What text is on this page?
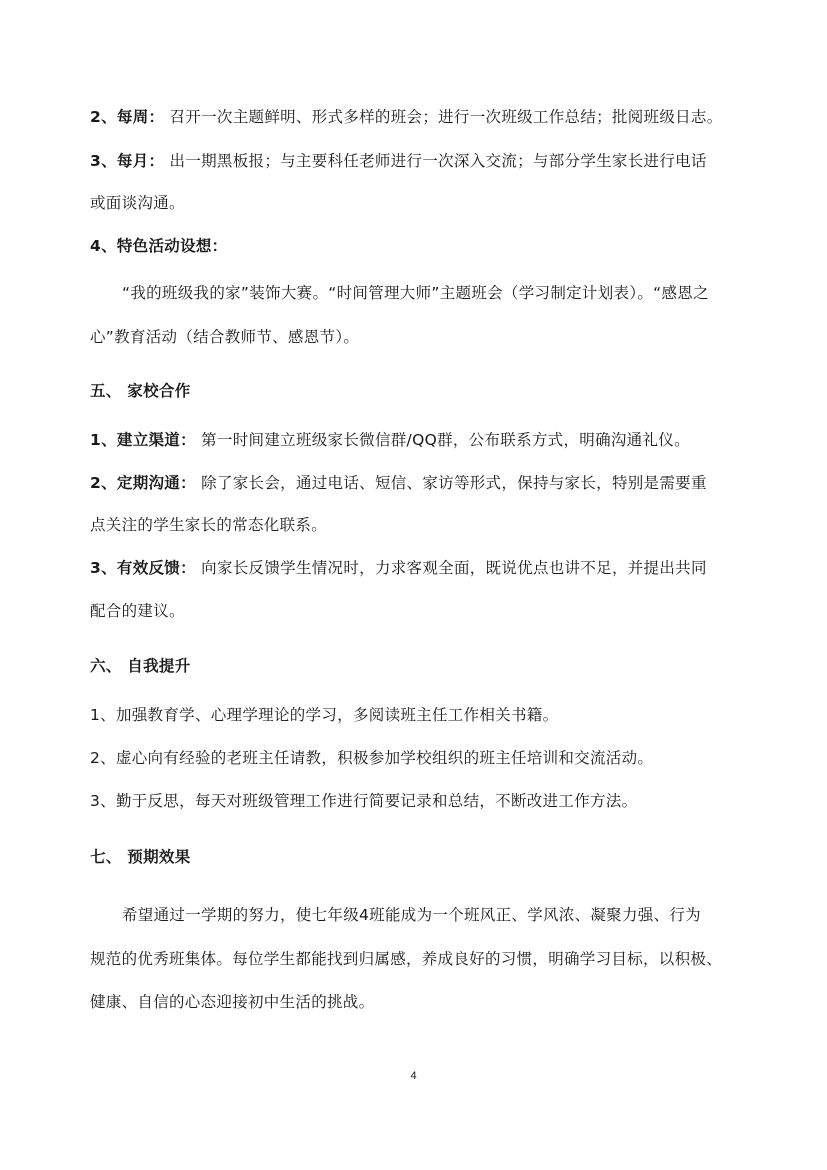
2、每周： 召开一次主题鲜明、形式多样的班会；进行一次班级工作总结；批阅班级日志。
3、每月： 出一期黑板报；与主要科任老师进行一次深入交流；与部分学生家长进行电话
或面谈沟通。
4、特色活动设想：
“我的班级我的家”装饰大赛。“时间管理大师”主题班会（学习制定计划表）。“感恩之
心”教育活动（结合教师节、感恩节）。
五、 家校合作
1、建立渠道： 第一时间建立班级家长微信群/QQ群，公布联系方式，明确沟通礼仪。
2、定期沟通： 除了家长会，通过电话、短信、家访等形式，保持与家长，特别是需要重
点关注的学生家长的常态化联系。
3、有效反馈： 向家长反馈学生情况时，力求客观全面，既说优点也讲不足，并提出共同
配合的建议。
六、 自我提升
1、加强教育学、心理学理论的学习，多阅读班主任工作相关书籍。
2、虚心向有经验的老班主任请教，积极参加学校组织的班主任培训和交流活动。
3、勤于反思，每天对班级管理工作进行简要记录和总结，不断改进工作方法。
七、 预期效果
希望通过一学期的努力，使七年级4班能成为一个班风正、学风浓、凝聚力强、行为
规范的优秀班集体。每位学生都能找到归属感，养成良好的习惯，明确学习目标，以积极、
健康、自信的心态迎接初中生活的挑战。
4
